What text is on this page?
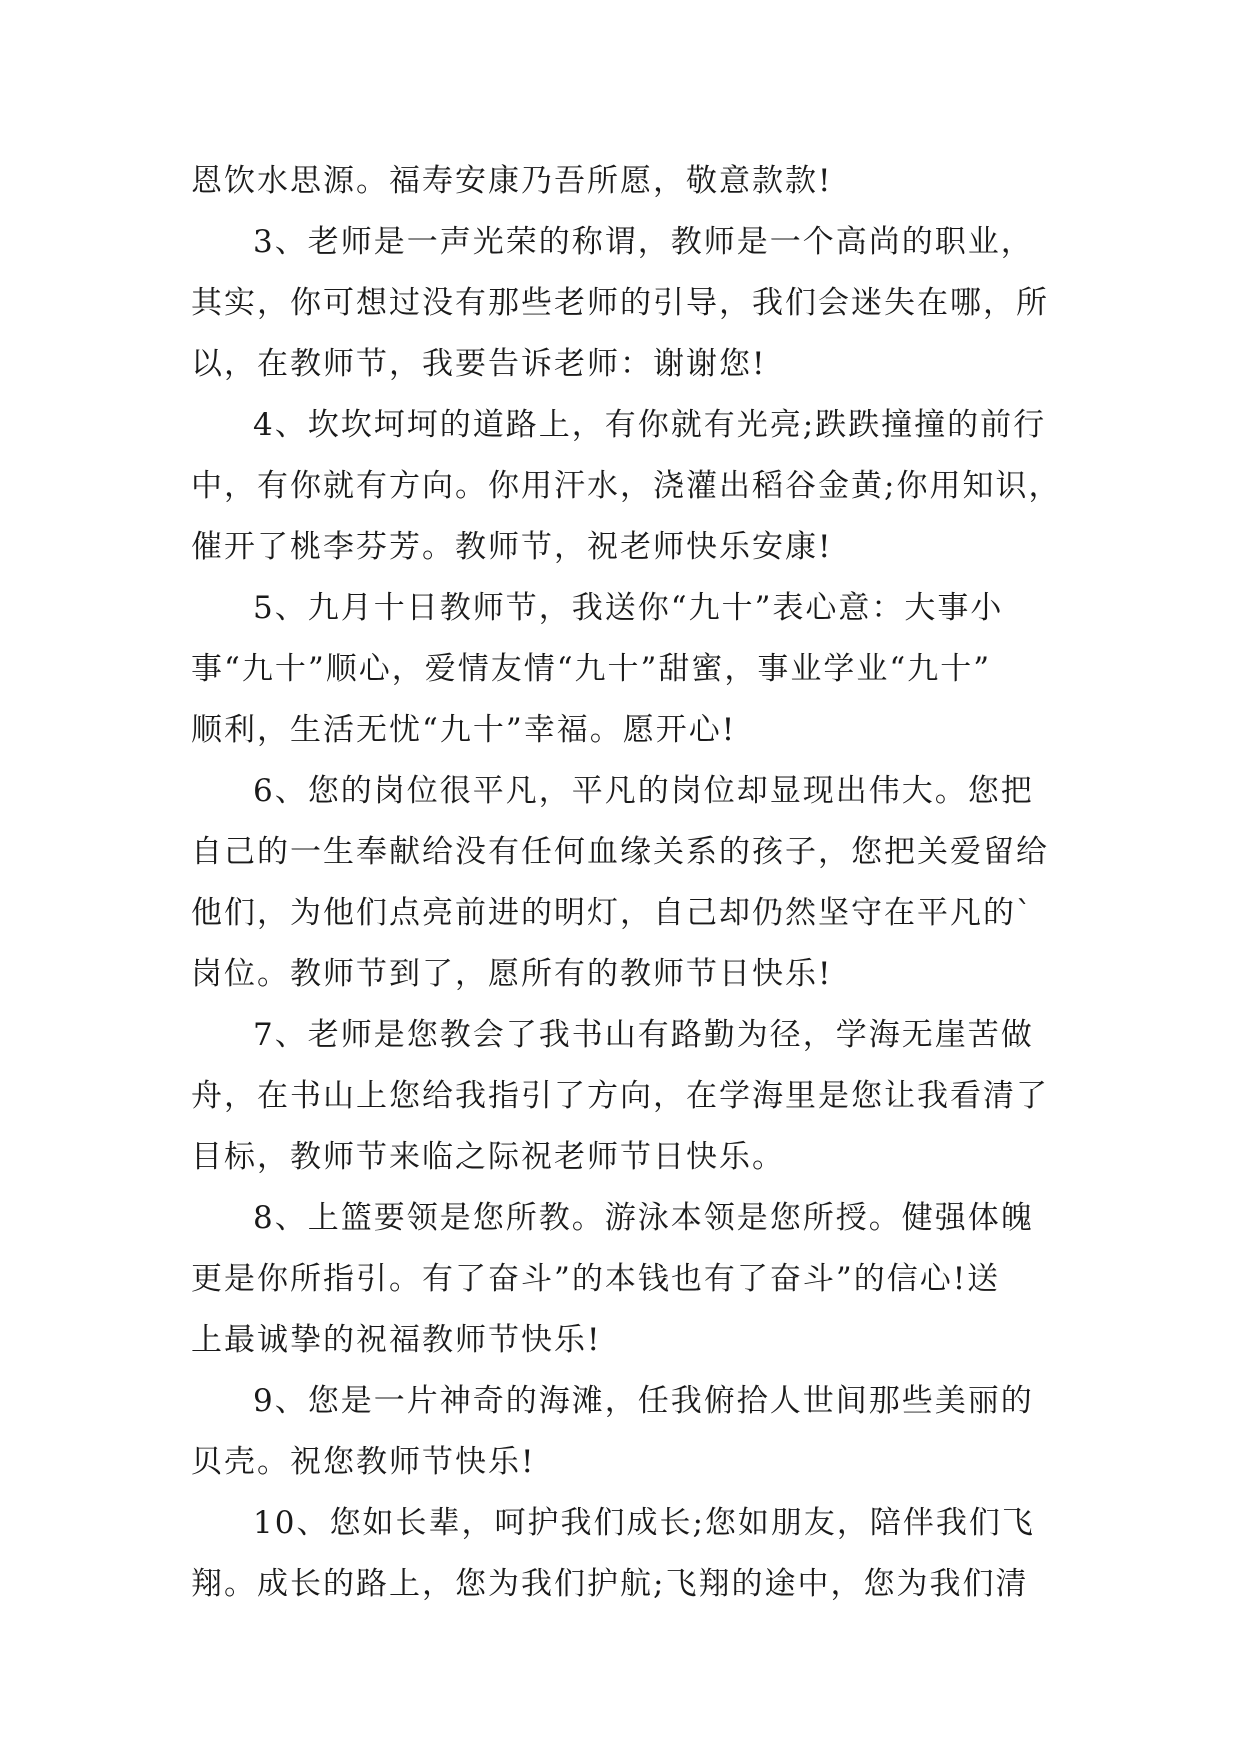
恩饮水思源。福寿安康乃吾所愿，敬意款款!

3、老师是一声光荣的称谓，教师是一个高尚的职业，

其实，你可想过没有那些老师的引导，我们会迷失在哪，所

以，在教师节，我要告诉老师：谢谢您!

4、坎坎坷坷的道路上，有你就有光亮;跌跌撞撞的前行

中，有你就有方向。你用汗水，浇灌出稻谷金黄;你用知识，

催开了桃李芬芳。教师节，祝老师快乐安康!

5、九月十日教师节，我送你“九十”表心意：大事小

事“九十”顺心，爱情友情“九十”甜蜜，事业学业“九十”

顺利，生活无忧“九十”幸福。愿开心!

6、您的岗位很平凡，平凡的岗位却显现出伟大。您把

自己的一生奉献给没有任何血缘关系的孩子，您把关爱留给

他们，为他们点亮前进的明灯，自己却仍然坚守在平凡的`

岗位。教师节到了，愿所有的教师节日快乐!

7、老师是您教会了我书山有路勤为径，学海无崖苦做

舟，在书山上您给我指引了方向，在学海里是您让我看清了

目标，教师节来临之际祝老师节日快乐。

8、上篮要领是您所教。游泳本领是您所授。健强体魄

更是你所指引。有了奋斗”的本钱也有了奋斗”的信心!送

上最诚挚的祝福教师节快乐!

9、您是一片神奇的海滩，任我俯拾人世间那些美丽的

贝壳。祝您教师节快乐!

10、您如长辈，呵护我们成长;您如朋友，陪伴我们飞

翔。成长的路上，您为我们护航;飞翔的途中，您为我们清
